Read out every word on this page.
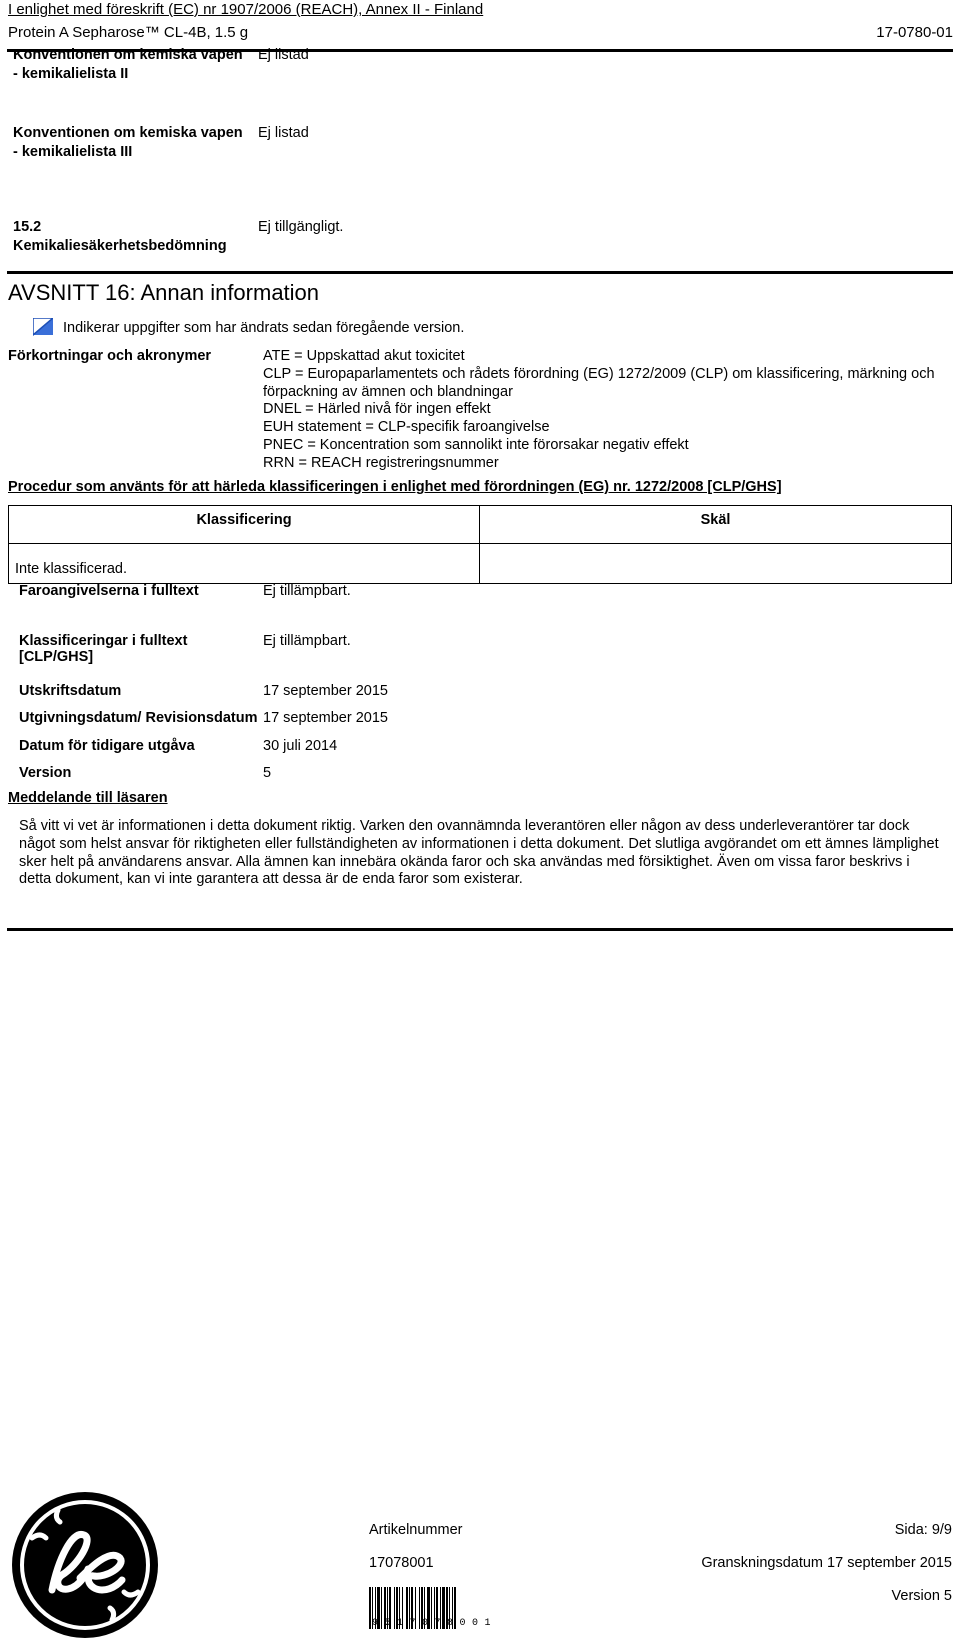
I enlighet med föreskrift (EC) nr 1907/2006 (REACH), Annex II - Finland
Protein A Sepharose™ CL-4B, 1.5 g	17-0780-01
Konventionen om kemiska vapen - kemikalielista II
Ej listad
Konventionen om kemiska vapen - kemikalielista III
Ej listad
15.2 Kemikaliesäkerhetsbedömning
Ej tillgängligt.
AVSNITT 16: Annan information
Indikerar uppgifter som har ändrats sedan föregående version.
Förkortningar och akronymer	ATE = Uppskattad akut toxicitet
CLP = Europaparlamentets och rådets förordning (EG) 1272/2009 (CLP) om klassificering, märkning och förpackning av ämnen och blandningar
DNEL = Härled nivå för ingen effekt
EUH statement = CLP-specifik faroangivelse
PNEC = Koncentration som sannolikt inte förorsakar negativ effekt
RRN = REACH registreringsnummer
Procedur som använts för att härleda klassificeringen i enlighet med förordningen (EG) nr. 1272/2008 [CLP/GHS]
Klassificering	Skäl
Inte klassificerad.	
Faroangivelserna i fulltext	Ej tillämpbart.
Klassificeringar i fulltext [CLP/GHS]
Ej tillämpbart.
Utskriftsdatum	17 september 2015
Utgivningsdatum/ Revisionsdatum 17 september 2015
Datum för tidigare utgåva	30 juli 2014
Version	5
Meddelande till läsaren
Så vitt vi vet är informationen i detta dokument riktig. Varken den ovannämnda leverantören eller någon av dess underleverantörer tar dock något som helst ansvar för riktigheten eller fullständigheten av informationen i detta dokument. Det slutliga avgörandet om ett ämnes lämplighet sker helt på användarens ansvar. Alla ämnen kan innebära okända faror och ska användas med försiktighet. Även om vissa faror beskrivs i detta dokument, kan vi inte garantera att dessa är de enda faror som existerar.
Artikelnummer
17078001
Sida: 9/9
Granskningsdatum 17 september 2015
Version 5
9517078001
